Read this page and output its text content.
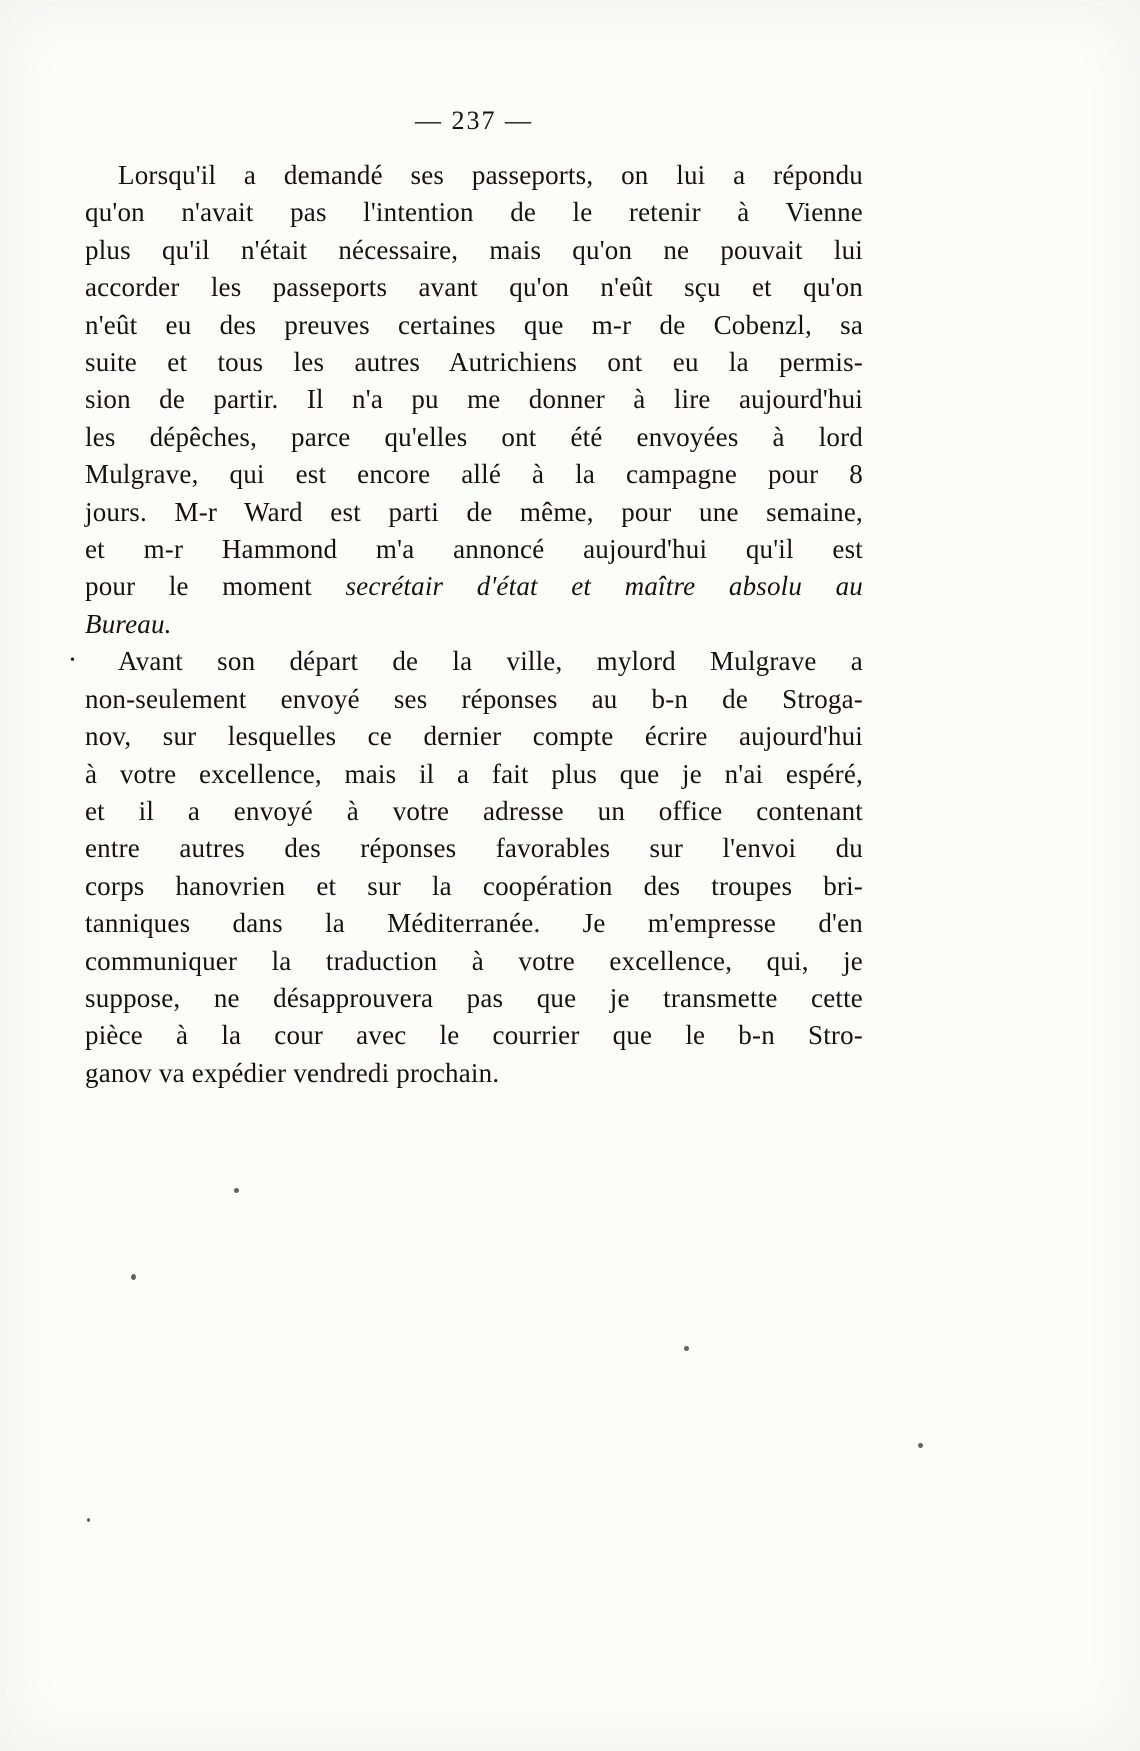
— 237 —
Lorsqu'il a demandé ses passeports, on lui a répondu
qu'on n'avait pas l'intention de le retenir à Vienne
plus qu'il n'était nécessaire, mais qu'on ne pouvait lui
accorder les passeports avant qu'on n'eût sçu et qu'on
n'eût eu des preuves certaines que m-r de Cobenzl, sa
suite et tous les autres Autrichiens ont eu la permis-
sion de partir. Il n'a pu me donner à lire aujourd'hui
les dépêches, parce qu'elles ont été envoyées à lord
Mulgrave, qui est encore allé à la campagne pour 8
jours. M-r Ward est parti de même, pour une semaine,
et m-r Hammond m'a annoncé aujourd'hui qu'il est
pour le moment secrétair d'état et maître absolu au
Bureau.
• Avant son départ de la ville, mylord Mulgrave a
non-seulement envoyé ses réponses au b-n de Stroga-
nov, sur lesquelles ce dernier compte écrire aujourd'hui
à votre excellence, mais il a fait plus que je n'ai espéré,
et il a envoyé à votre adresse un office contenant
entre autres des réponses favorables sur l'envoi du
corps hanovrien et sur la coopération des troupes bri-
tanniques dans la Méditerranée. Je m'empresse d'en
communiquer la traduction à votre excellence, qui, je
suppose, ne désapprouvera pas que je transmette cette
pièce à la cour avec le courrier que le b-n Stro-
ganov va expédier vendredi prochain.
